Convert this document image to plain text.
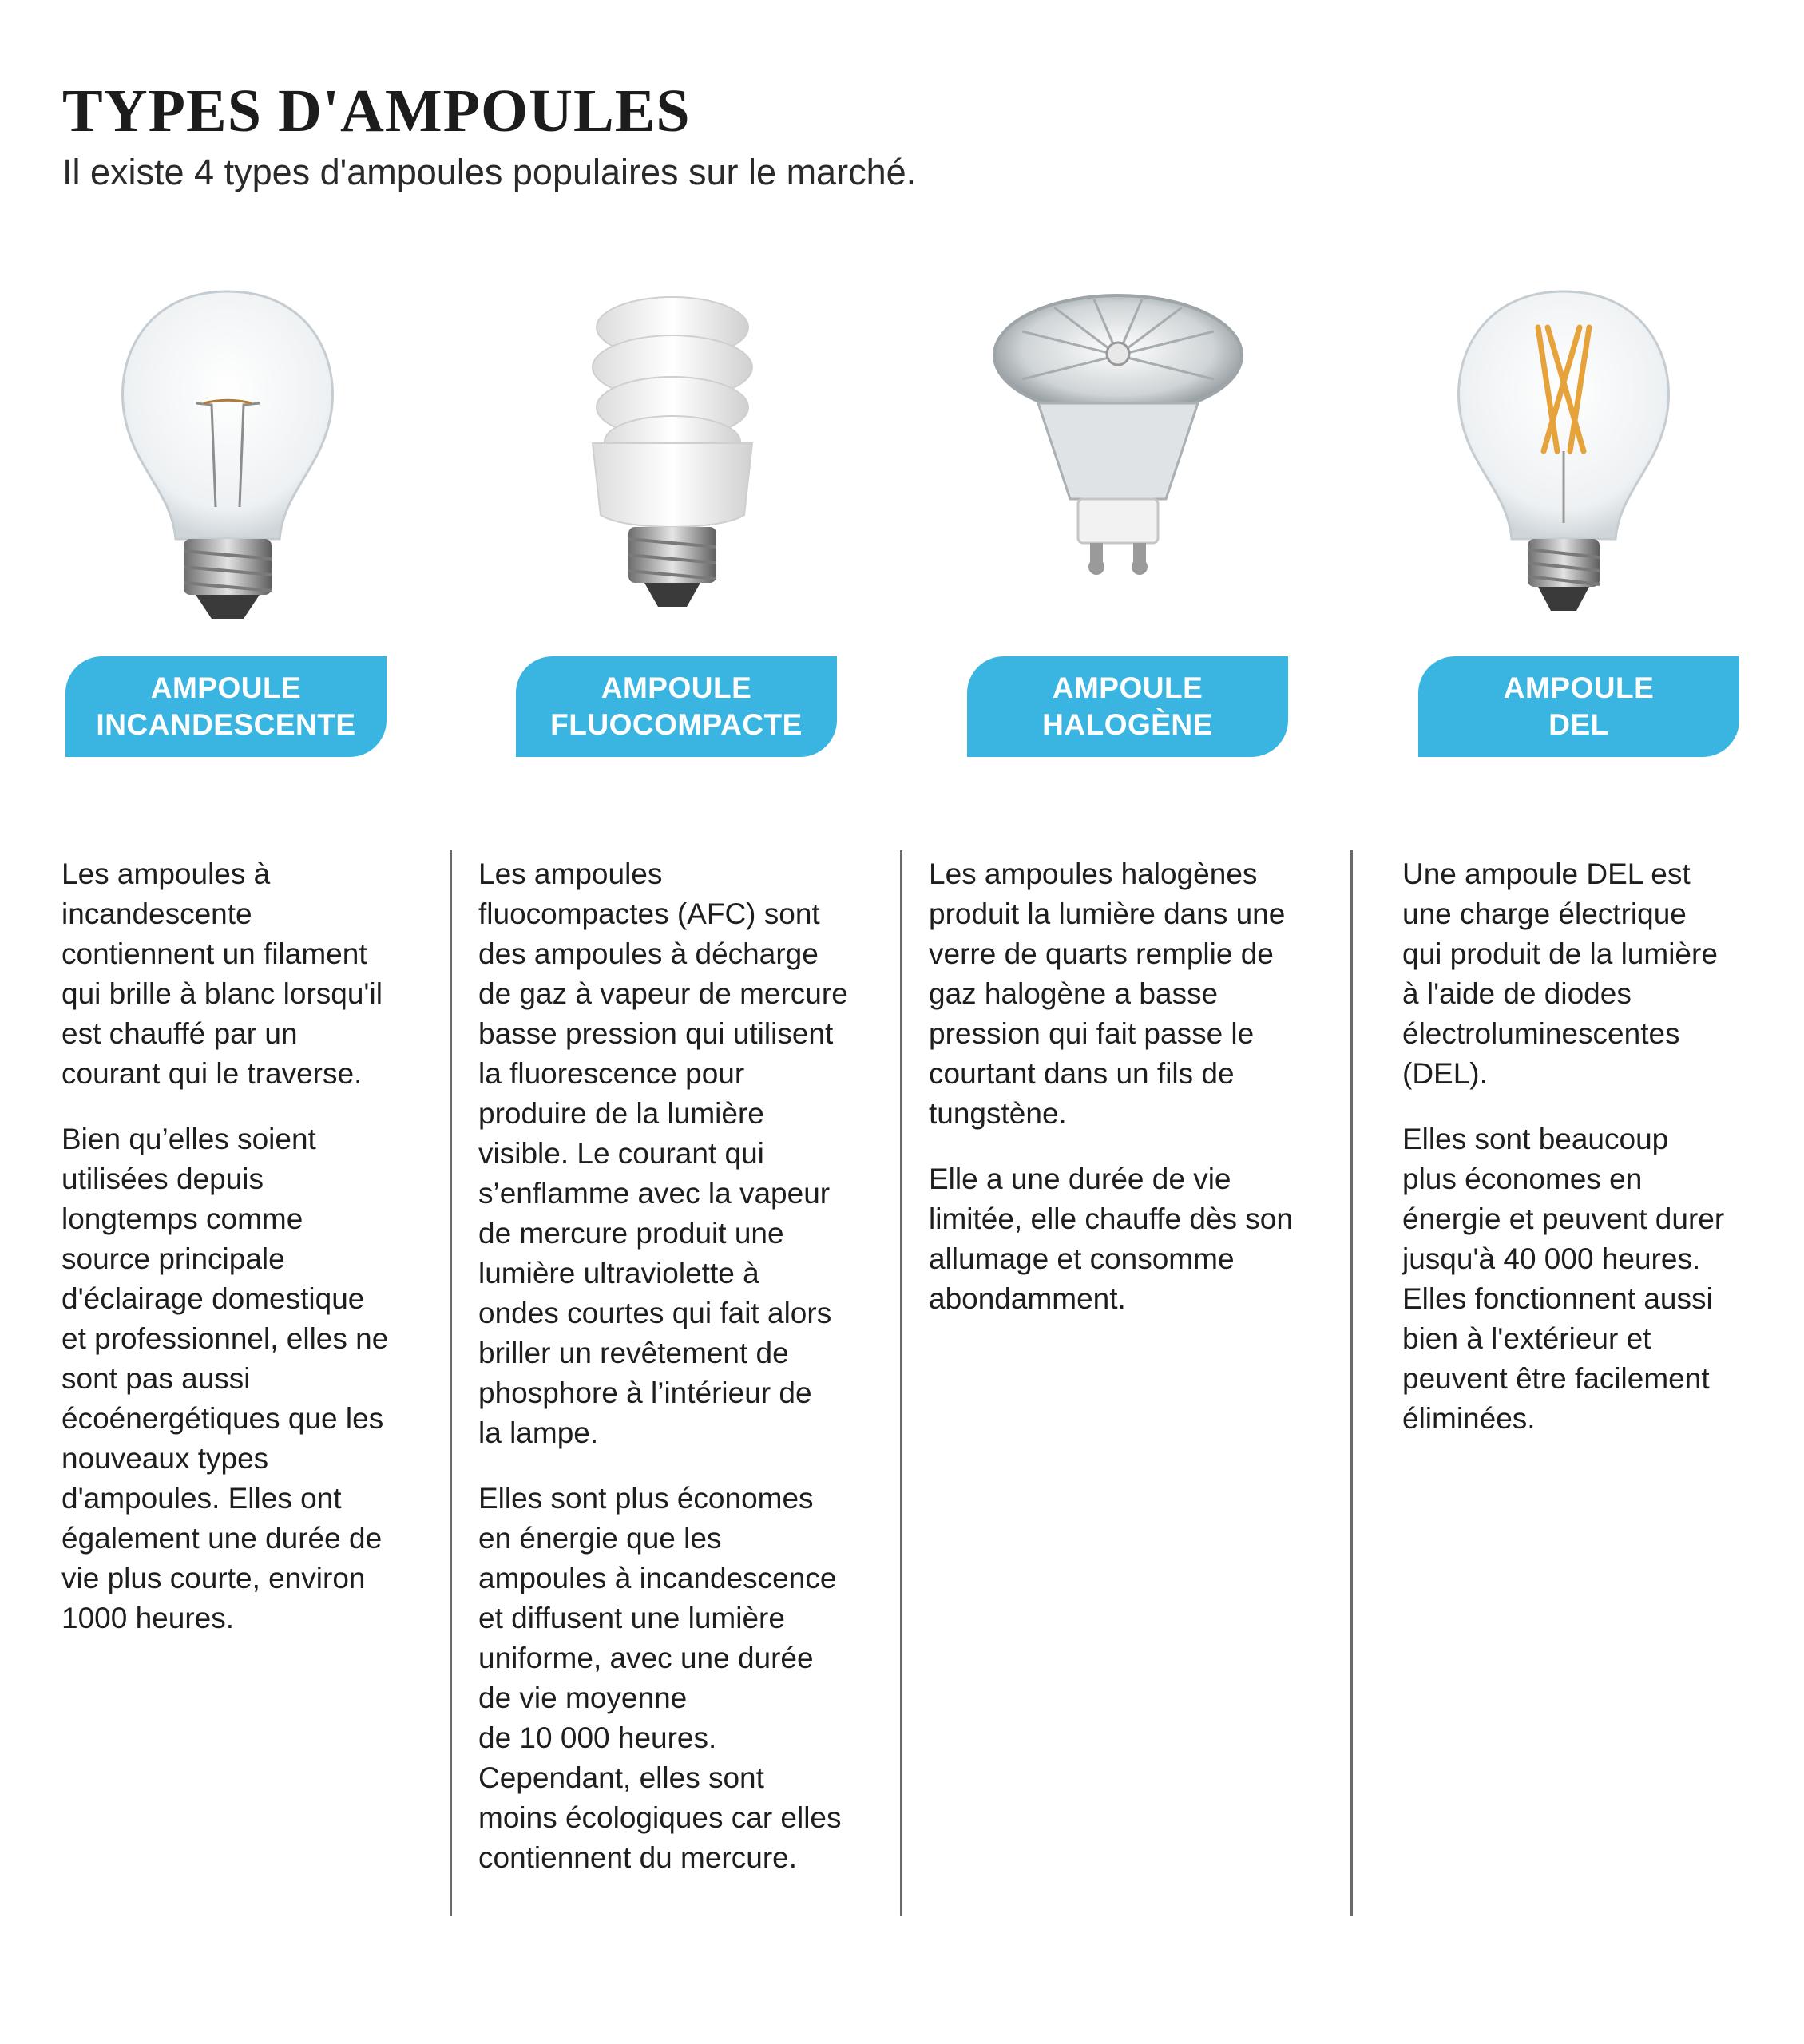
TYPES D'AMPOULES
Il existe 4 types d'ampoules populaires sur le marché.
AMPOULE
INCANDESCENTE
AMPOULE
FLUOCOMPACTE
AMPOULE
HALOGÈNE
AMPOULE
DEL

Les ampoules à
incandescente
contiennent un filament
qui brille à blanc lorsqu'il
est chauffé par un
courant qui le traverse.

Bien qu’elles soient
utilisées depuis
longtemps comme
source principale
d'éclairage domestique
et professionnel, elles ne
sont pas aussi
écoénergétiques que les
nouveaux types
d'ampoules. Elles ont
également une durée de
vie plus courte, environ
1000 heures.

Les ampoules
fluocompactes (AFC) sont
des ampoules à décharge
de gaz à vapeur de mercure
basse pression qui utilisent
la fluorescence pour
produire de la lumière
visible. Le courant qui
s’enflamme avec la vapeur
de mercure produit une
lumière ultraviolette à
ondes courtes qui fait alors
briller un revêtement de
phosphore à l’intérieur de
la lampe.

Elles sont plus économes
en énergie que les
ampoules à incandescence
et diffusent une lumière
uniforme, avec une durée
de vie moyenne
de 10 000 heures.
Cependant, elles sont
moins écologiques car elles
contiennent du mercure.

Les ampoules halogènes
produit la lumière dans une
verre de quarts remplie de
gaz halogène a basse
pression qui fait passe le
courtant dans un fils de
tungstène.

Elle a une durée de vie
limitée, elle chauffe dès son
allumage et consomme
abondamment.

Une ampoule DEL est
une charge électrique
qui produit de la lumière
à l'aide de diodes
électroluminescentes
(DEL).

Elles sont beaucoup
plus économes en
énergie et peuvent durer
jusqu'à 40 000 heures.
Elles fonctionnent aussi
bien à l'extérieur et
peuvent être facilement
éliminées.
